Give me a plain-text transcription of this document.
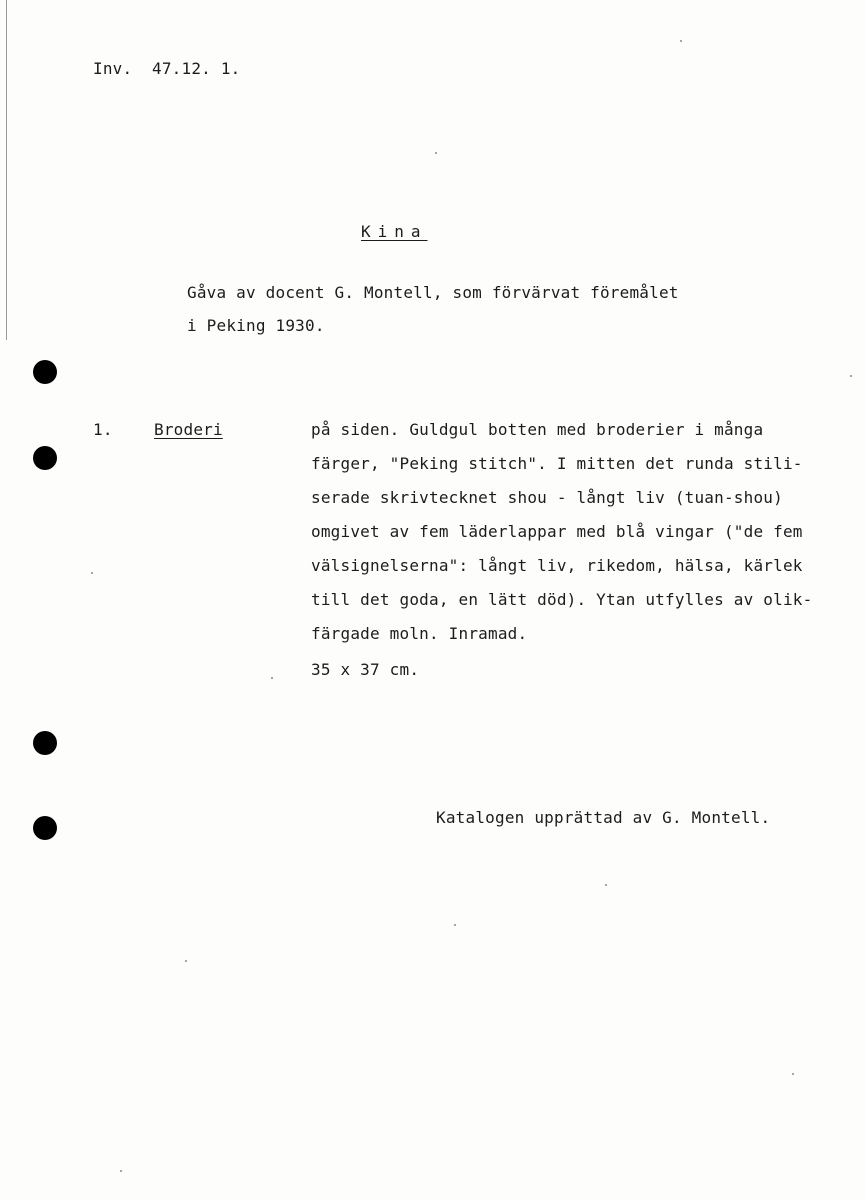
Inv.  47.12. 1.
Kina
Gåva av docent G. Montell, som förvärvat föremålet
i Peking 1930.
1.	Broderi	på siden. Guldgul botten med broderier i många
färger, "Peking stitch". I mitten det runda stili-
serade skrivtecknet shou - långt liv (tuan-shou)
omgivet av fem läderlappar med blå vingar ("de fem
välsignelserna": långt liv, rikedom, hälsa, kärlek
till det goda, en lätt död). Ytan utfylles av olik-
färgade moln. Inramad.
35 x 37 cm.
Katalogen upprättad av G. Montell.
